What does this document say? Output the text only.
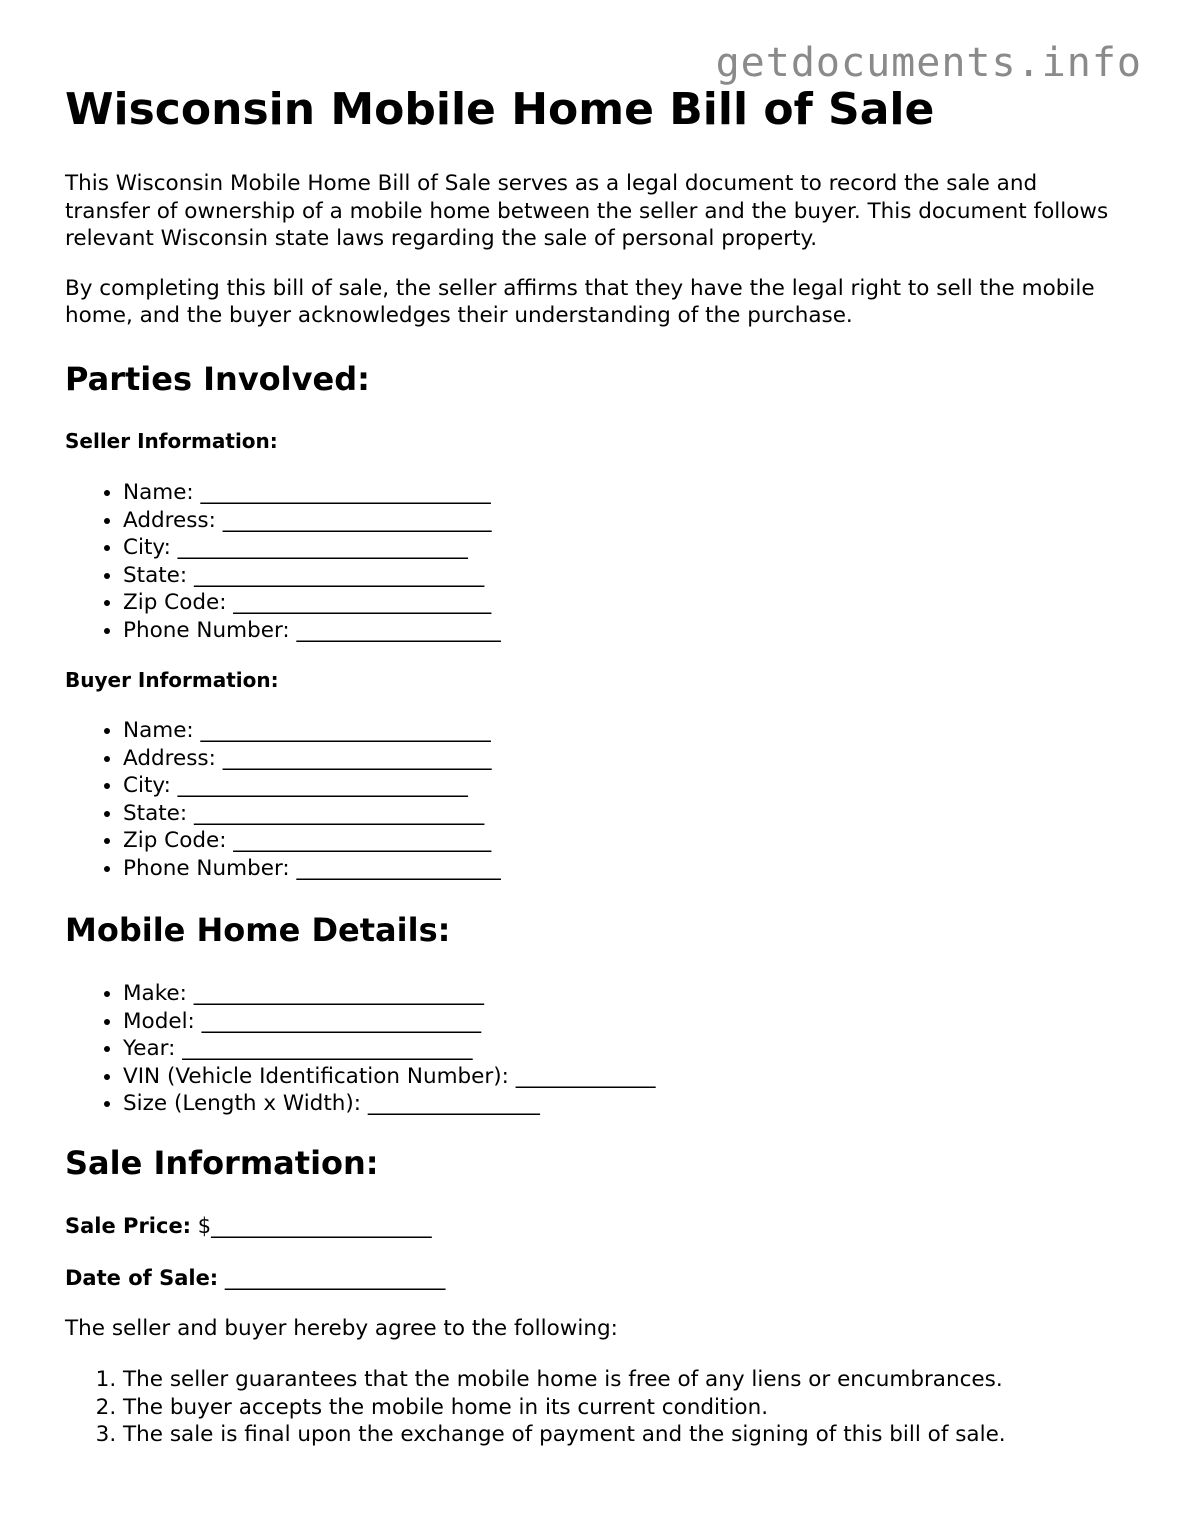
getdocuments.info
Wisconsin Mobile Home Bill of Sale

This Wisconsin Mobile Home Bill of Sale serves as a legal document to record the sale and transfer of ownership of a mobile home between the seller and the buyer. This document follows relevant Wisconsin state laws regarding the sale of personal property.

By completing this bill of sale, the seller affirms that they have the legal right to sell the mobile home, and the buyer acknowledges their understanding of the purchase.

Parties Involved:
Seller Information:
• Name: ___________________________
• Address: _________________________
• City: ___________________________
• State: ___________________________
• Zip Code: ________________________
• Phone Number: ___________________
Buyer Information:
• Name: ___________________________
• Address: _________________________
• City: ___________________________
• State: ___________________________
• Zip Code: ________________________
• Phone Number: ___________________
Mobile Home Details:
• Make: ___________________________
• Model: __________________________
• Year: ___________________________
• VIN (Vehicle Identification Number): _____________
• Size (Length x Width): ________________
Sale Information:
Sale Price: $_____________________
Date of Sale: _____________________

The seller and buyer hereby agree to the following:

1. The seller guarantees that the mobile home is free of any liens or encumbrances.
2. The buyer accepts the mobile home in its current condition.
3. The sale is final upon the exchange of payment and the signing of this bill of sale.
